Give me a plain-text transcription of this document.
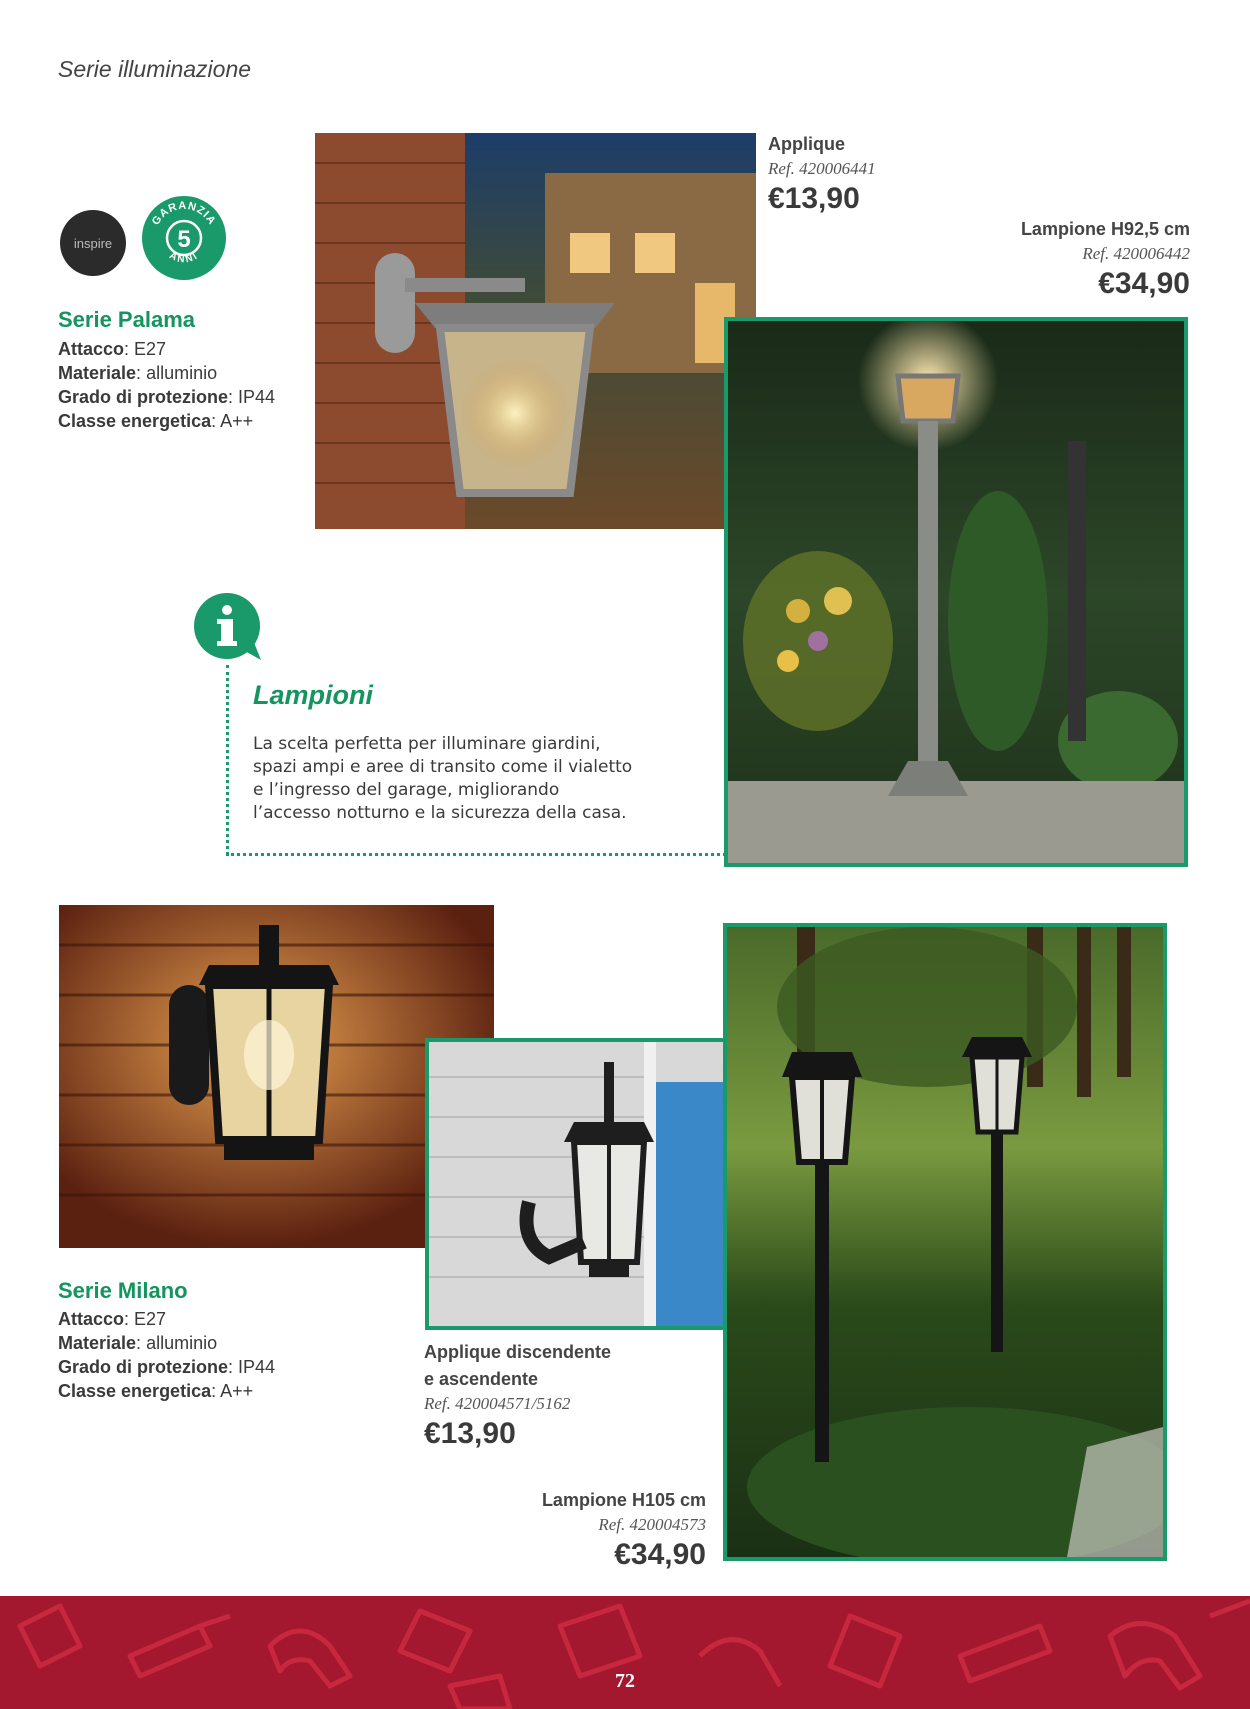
Serie illuminazione
inspire
GARANZIA
ANNI
5
Serie Palama
Attacco: E27
Materiale: alluminio
Grado di protezione: IP44
Classe energetica: A++
Applique
Ref. 420006441
€13,90
Lampione H92,5 cm
Ref. 420006442
€34,90
Lampioni
La scelta perfetta per illuminare giardini,
spazi ampi e aree di transito come il vialetto
e l’ingresso del garage, migliorando
l’accesso notturno e la sicurezza della casa.
Serie Milano
Attacco: E27
Materiale: alluminio
Grado di protezione: IP44
Classe energetica: A++
Applique discendente
e ascendente
Ref. 420004571/5162
€13,90
Lampione H105 cm
Ref. 420004573
€34,90
72
